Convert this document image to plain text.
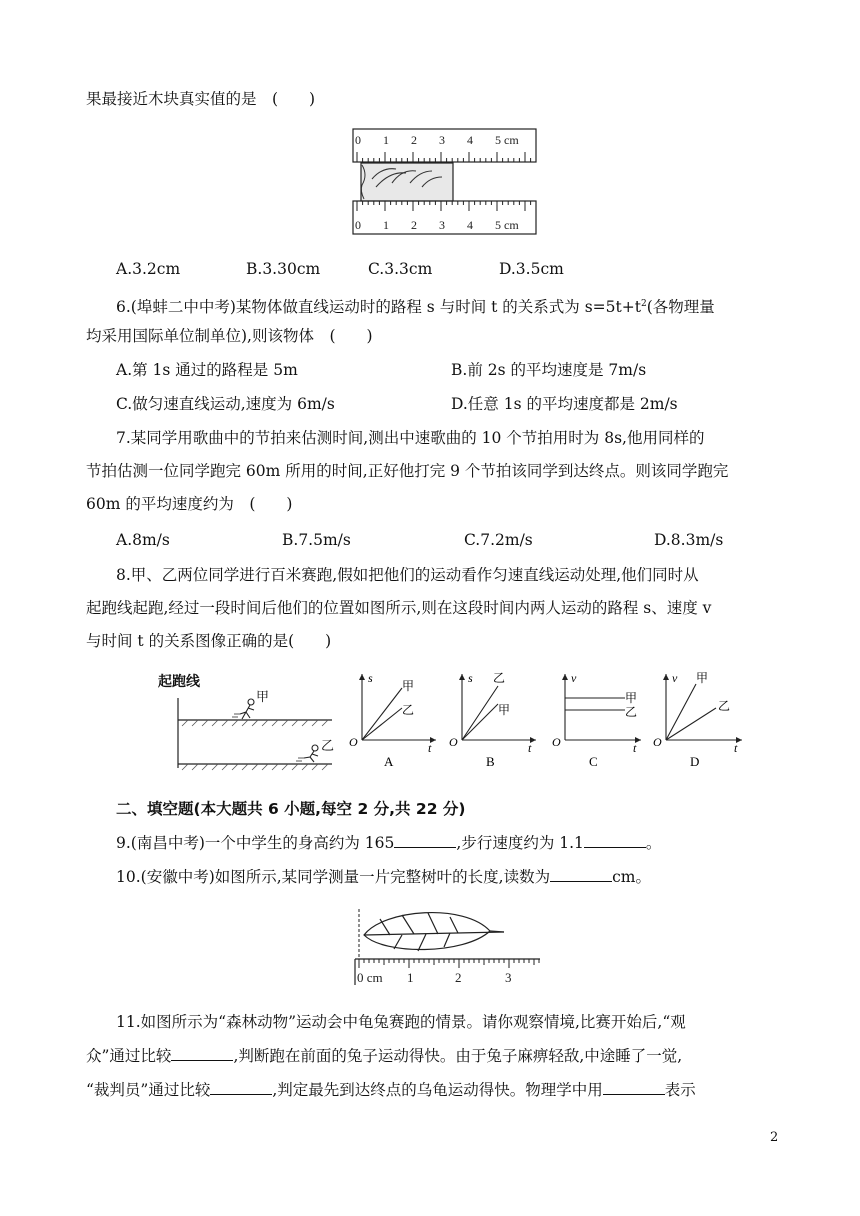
果最接近木块真实值的是　(　　)
0 1 2 3 4 5 cm
0 1 2 3 4 5 cm
A.3.2cm	B.3.30cm	C.3.3cm	D.3.5cm
6.(埠蚌二中中考)某物体做直线运动时的路程 s 与时间 t 的关系式为 $s=5t+t^2$(各物理量
均采用国际单位制单位),则该物体　(　　)
A.第 1s 通过的路程是 5m	B.前 2s 的平均速度是 7m/s
C.做匀速直线运动,速度为 6m/s	D.任意 1s 的平均速度都是 2m/s
7.某同学用歌曲中的节拍来估测时间,测出中速歌曲的 10 个节拍用时为 8s,他用同样的
节拍估测一位同学跑完 60m 所用的时间,正好他打完 9 个节拍该同学到达终点。则该同学跑完
60m 的平均速度约为　(　　)
A.8m/s	B.7.5m/s	C.7.2m/s	D.8.3m/s
8.甲、乙两位同学进行百米赛跑,假如把他们的运动看作匀速直线运动处理,他们同时从
起跑线起跑,经过一段时间后他们的位置如图所示,则在这段时间内两人运动的路程 s、速度 v
与时间 t 的关系图像正确的是(　　)
起跑线
甲
乙
s
O	t
甲
乙
A
s
O	t
乙
甲
B
v
O	t
甲
乙
C
v
O	t
甲
乙
D
二、填空题(本大题共 6 小题,每空 2 分,共 22 分)
9.(南昌中考)一个中学生的身高约为 165	,步行速度约为 1.1	。
10.(安徽中考)如图所示,某同学测量一片完整树叶的长度,读数为	cm。
0 cm 1	2	3
11.如图所示为“森林动物”运动会中龟兔赛跑的情景。请你观察情境,比赛开始后,“观
众”通过比较	,判断跑在前面的兔子运动得快。由于兔子麻痹轻敌,中途睡了一觉,
“裁判员”通过比较	,判定最先到达终点的乌龟运动得快。物理学中用	表示
2
